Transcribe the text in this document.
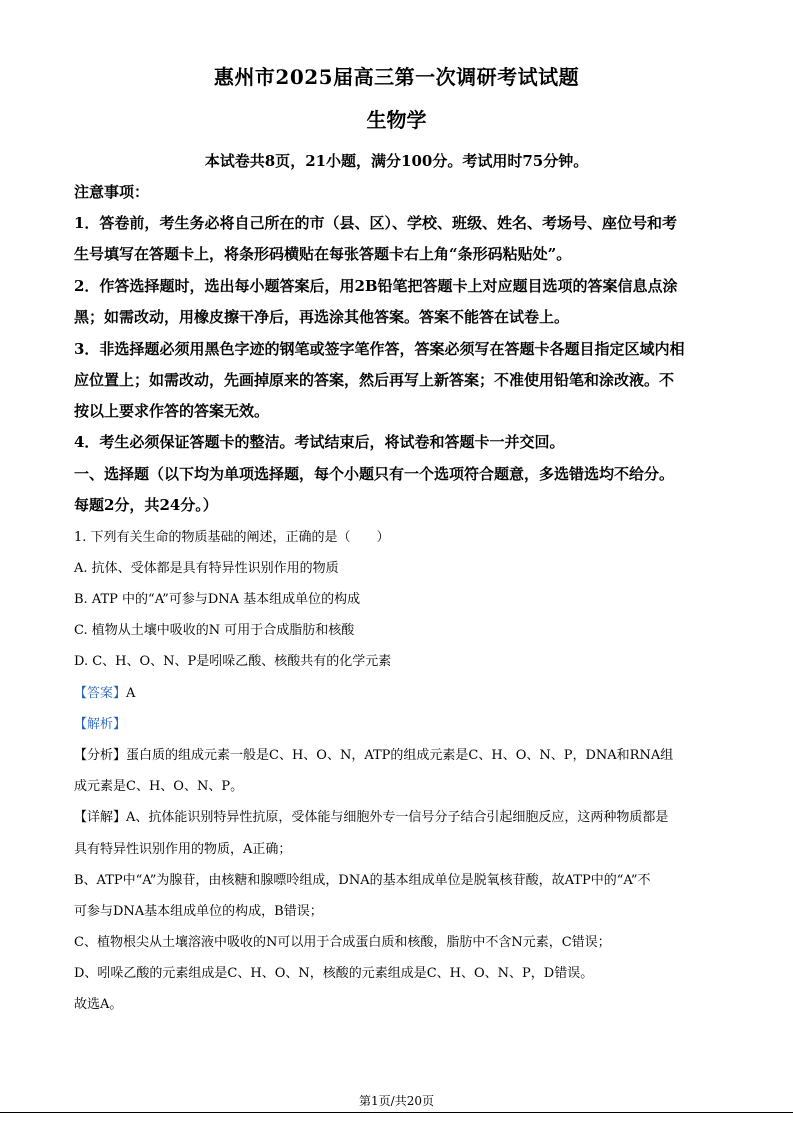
惠州市2025届高三第一次调研考试试题
生物学
本试卷共8页，21小题，满分100分。考试用时75分钟。
注意事项：
1．答卷前，考生务必将自己所在的市（县、区）、学校、班级、姓名、考场号、座位号和考
生号填写在答题卡上，将条形码横贴在每张答题卡右上角“条形码粘贴处”。
2．作答选择题时，选出每小题答案后，用2B铅笔把答题卡上对应题目选项的答案信息点涂
黑；如需改动，用橡皮擦干净后，再选涂其他答案。答案不能答在试卷上。
3．非选择题必须用黑色字迹的钢笔或签字笔作答，答案必须写在答题卡各题目指定区域内相
应位置上；如需改动，先画掉原来的答案，然后再写上新答案；不准使用铅笔和涂改液。不
按以上要求作答的答案无效。
4．考生必须保证答题卡的整洁。考试结束后，将试卷和答题卡一并交回。
一、选择题（以下均为单项选择题，每个小题只有一个选项符合题意，多选错选均不给分。
每题2分，共24分。）
1. 下列有关生命的物质基础的阐述，正确的是（　　）
A. 抗体、受体都是具有特异性识别作用的物质
B. ATP 中的“A”可参与DNA 基本组成单位的构成
C. 植物从土壤中吸收的N 可用于合成脂肪和核酸
D. C、H、O、N、P是吲哚乙酸、核酸共有的化学元素
【答案】A
【解析】
【分析】蛋白质的组成元素一般是C、H、O、N，ATP的组成元素是C、H、O、N、P，DNA和RNA组
成元素是C、H、O、N、P。
【详解】A、抗体能识别特异性抗原，受体能与细胞外专一信号分子结合引起细胞反应，这两种物质都是
具有特异性识别作用的物质，A正确；
B、ATP中“A”为腺苷，由核糖和腺嘌呤组成，DNA的基本组成单位是脱氧核苷酸，故ATP中的“A”不
可参与DNA基本组成单位的构成，B错误；
C、植物根尖从土壤溶液中吸收的N可以用于合成蛋白质和核酸，脂肪中不含N元素，C错误；
D、吲哚乙酸的元素组成是C、H、O、N，核酸的元素组成是C、H、O、N、P，D错误。
故选A。
第1页/共20页
